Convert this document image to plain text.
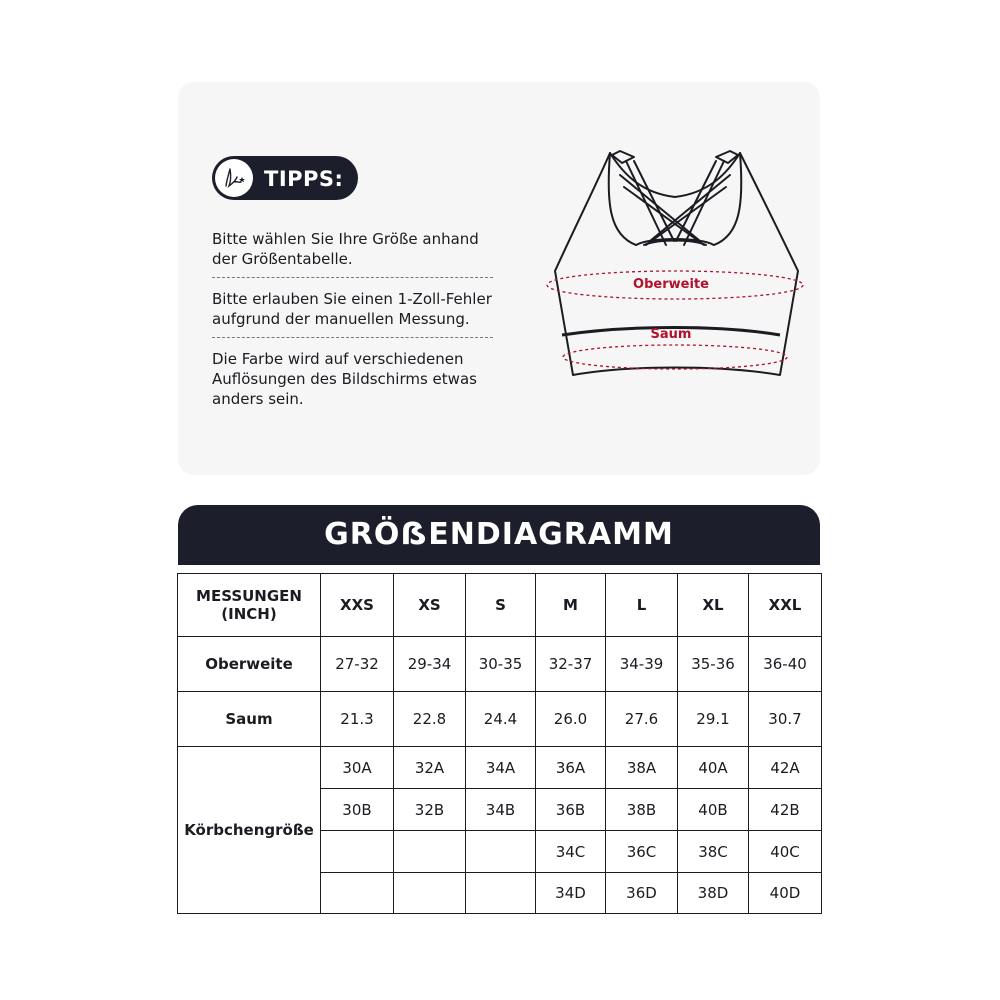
TIPPS:
Bitte wählen Sie Ihre Größe anhand der Größentabelle.
Bitte erlauben Sie einen 1-Zoll-Fehler aufgrund der manuellen Messung.
Die Farbe wird auf verschiedenen Auflösungen des Bildschirms etwas anders sein.
Oberweite
Saum
GRÖẞENDIAGRAMM
MESSUNGEN (INCH)	XXS	XS	S	M	L	XL	XXL
Oberweite	27-32	29-34	30-35	32-37	34-39	35-36	36-40
Saum	21.3	22.8	24.4	26.0	27.6	29.1	30.7
Körbchengröße	30A	32A	34A	36A	38A	40A	42A
	30B	32B	34B	36B	38B	40B	42B
				34C	36C	38C	40C
				34D	36D	38D	40D
